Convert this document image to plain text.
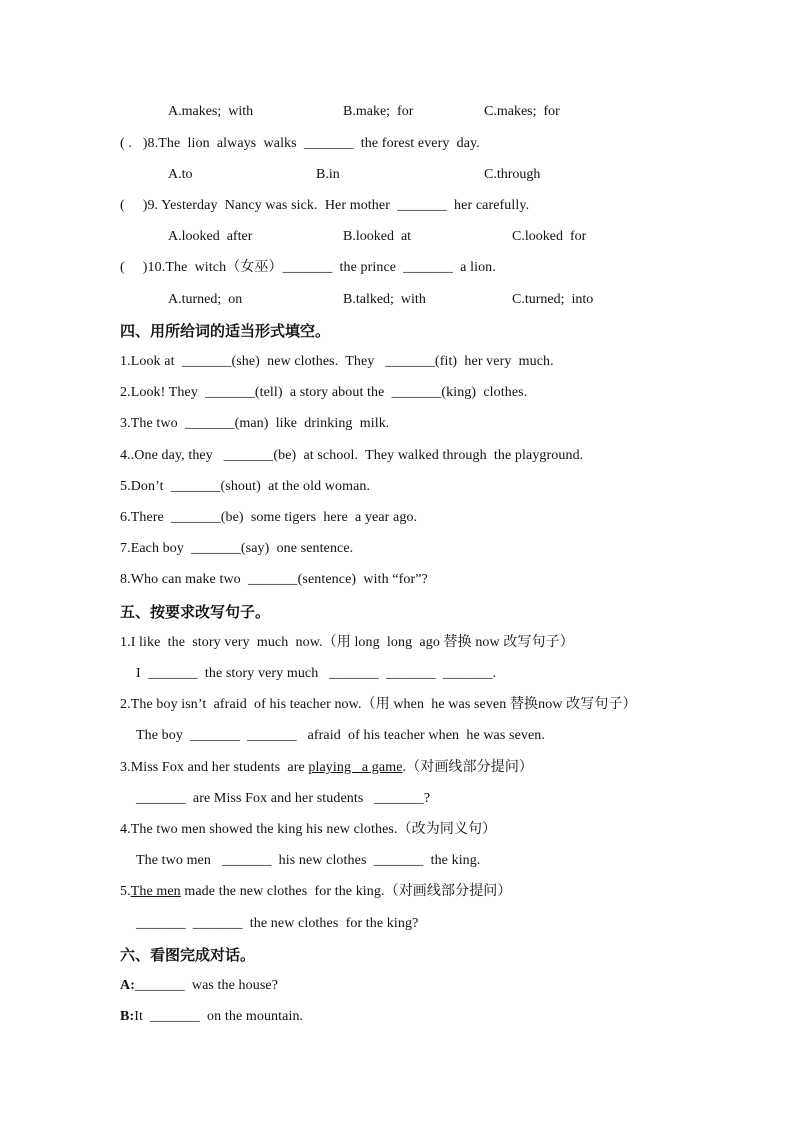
A.makes;  with	B.make;  for	C.makes;  for
( .   )8.The  lion  always  walks  _______  the forest every  day.
A.to	B.in	C.through
(     )9. Yesterday  Nancy was sick.  Her mother  _______  her carefully.
A.looked  after	B.looked  at	C.looked  for
(     )10.The  witch（女巫）_______  the prince  _______  a lion.
A.turned;  on	B.talked;  with	C.turned;  into
四、用所给词的适当形式填空。
1.Look at  _______(she)  new clothes.  They   _______(fit)  her very  much.
2.Look! They  _______(tell)  a story about the  _______(king)  clothes.
3.The two  _______(man)  like  drinking  milk.
4..One day, they   _______(be)  at school.  They walked through  the playground.
5.Don’t  _______(shout)  at the old woman.
6.There  _______(be)  some tigers  here  a year ago.
7.Each boy  _______(say)  one sentence.
8.Who can make two  _______(sentence)  with “for”?
五、按要求改写句子。
1.I like  the  story very  much  now.（用 long  long  ago 替换 now 改写句子）
I  _______  the story very much   _______  _______  _______.
2.The boy isn’t  afraid  of his teacher now.（用 when  he was seven 替换now 改写句子）
The boy  _______  _______   afraid  of his teacher when  he was seven.
3.Miss Fox and her students  are playing   a game.（对画线部分提问）
_______  are Miss Fox and her students   _______?
4.The two men showed the king his new clothes.（改为同义句）
The two men   _______  his new clothes  _______  the king.
5.The men made the new clothes  for the king.（对画线部分提问）
_______  _______  the new clothes  for the king?
六、看图完成对话。
A:_______  was the house?
B:It  _______  on the mountain.
